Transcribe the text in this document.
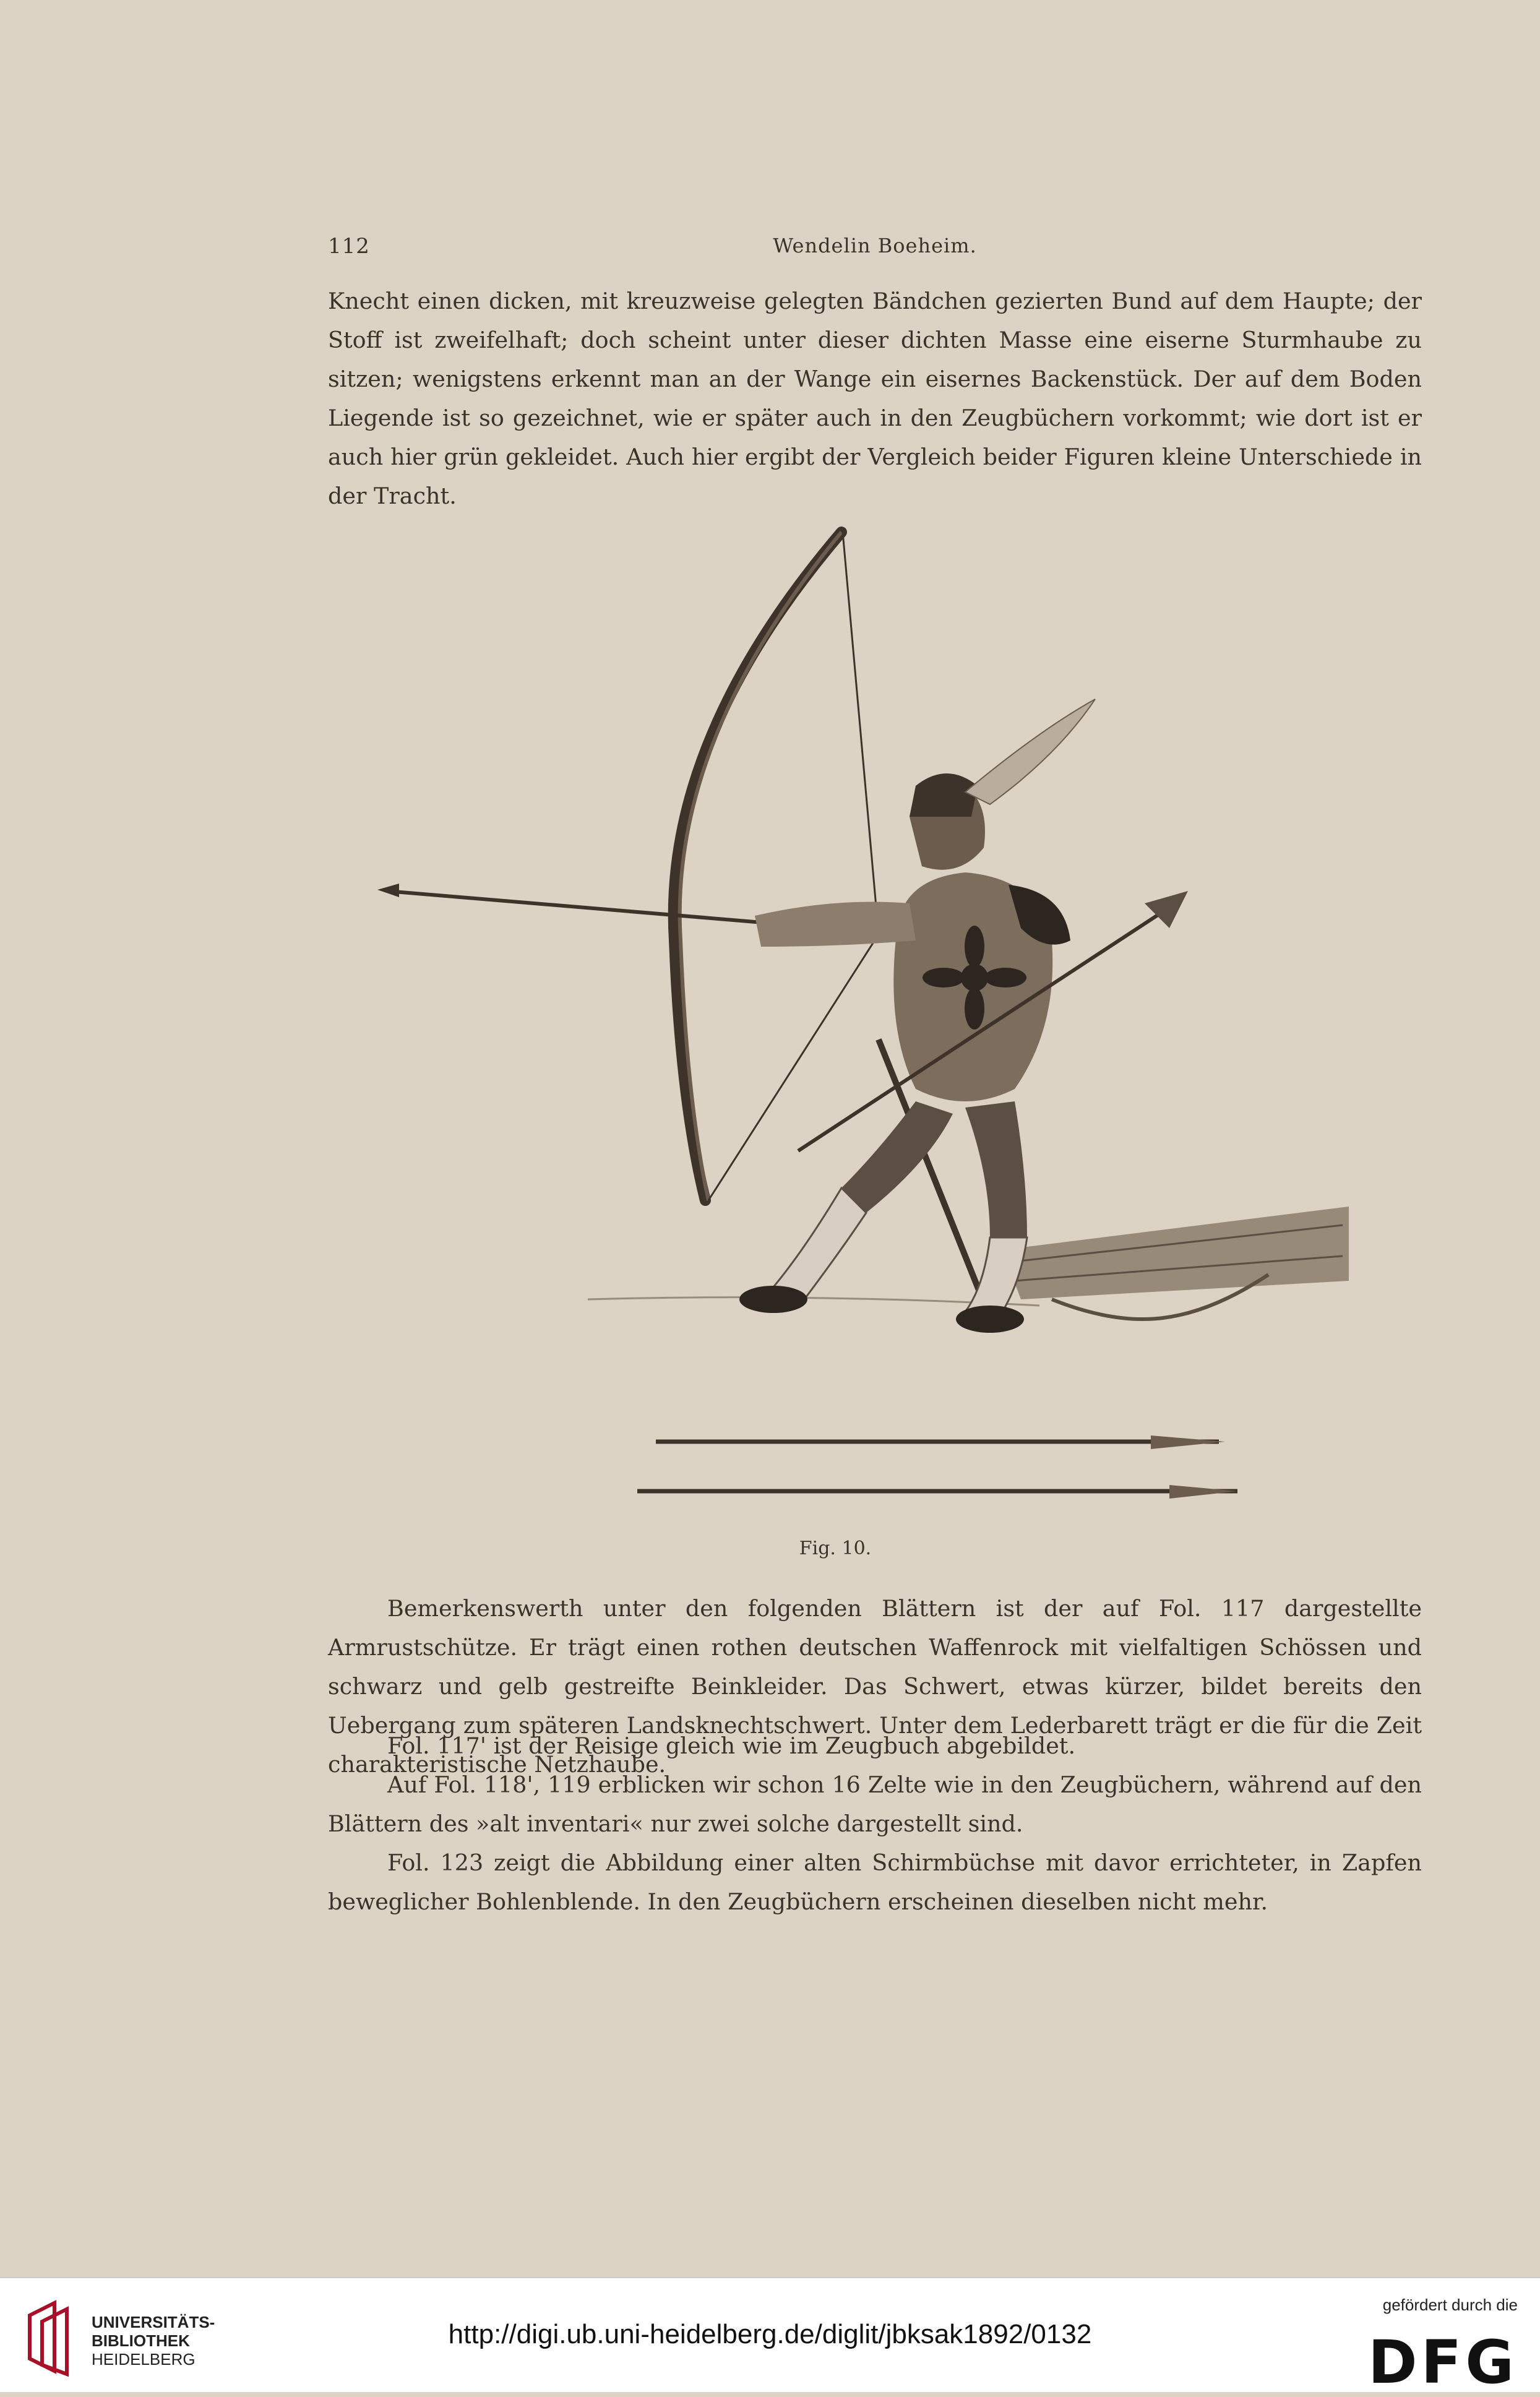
112	Wendelin Boeheim.

Knecht einen dicken, mit kreuzweise gelegten Bändchen gezierten Bund auf dem Haupte; der Stoff ist zweifelhaft; doch scheint unter dieser dichten Masse eine eiserne Sturmhaube zu sitzen; wenigstens erkennt man an der Wange ein eisernes Backenstück. Der auf dem Boden Liegende ist so gezeichnet, wie er später auch in den Zeugbüchern vorkommt; wie dort ist er auch hier grün gekleidet. Auch hier ergibt der Vergleich beider Figuren kleine Unterschiede in der Tracht.

Fig. 10.

Bemerkenswerth unter den folgenden Blättern ist der auf Fol. 117 dargestellte Armrustschütze. Er trägt einen rothen deutschen Waffenrock mit vielfaltigen Schössen und schwarz und gelb gestreifte Beinkleider. Das Schwert, etwas kürzer, bildet bereits den Uebergang zum späteren Landsknechtschwert. Unter dem Lederbarett trägt er die für die Zeit charakteristische Netzhaube.

Fol. 117' ist der Reisige gleich wie im Zeugbuch abgebildet.

Auf Fol. 118', 119 erblicken wir schon 16 Zelte wie in den Zeugbüchern, während auf den Blättern des »alt inventari« nur zwei solche dargestellt sind.

Fol. 123 zeigt die Abbildung einer alten Schirmbüchse mit davor errichteter, in Zapfen beweglicher Bohlenblende. In den Zeugbüchern erscheinen dieselben nicht mehr.

UNIVERSITÄTS-
BIBLIOTHEK
HEIDELBERG
http://digi.ub.uni-heidelberg.de/diglit/jbksak1892/0132
gefördert durch die
DFG
